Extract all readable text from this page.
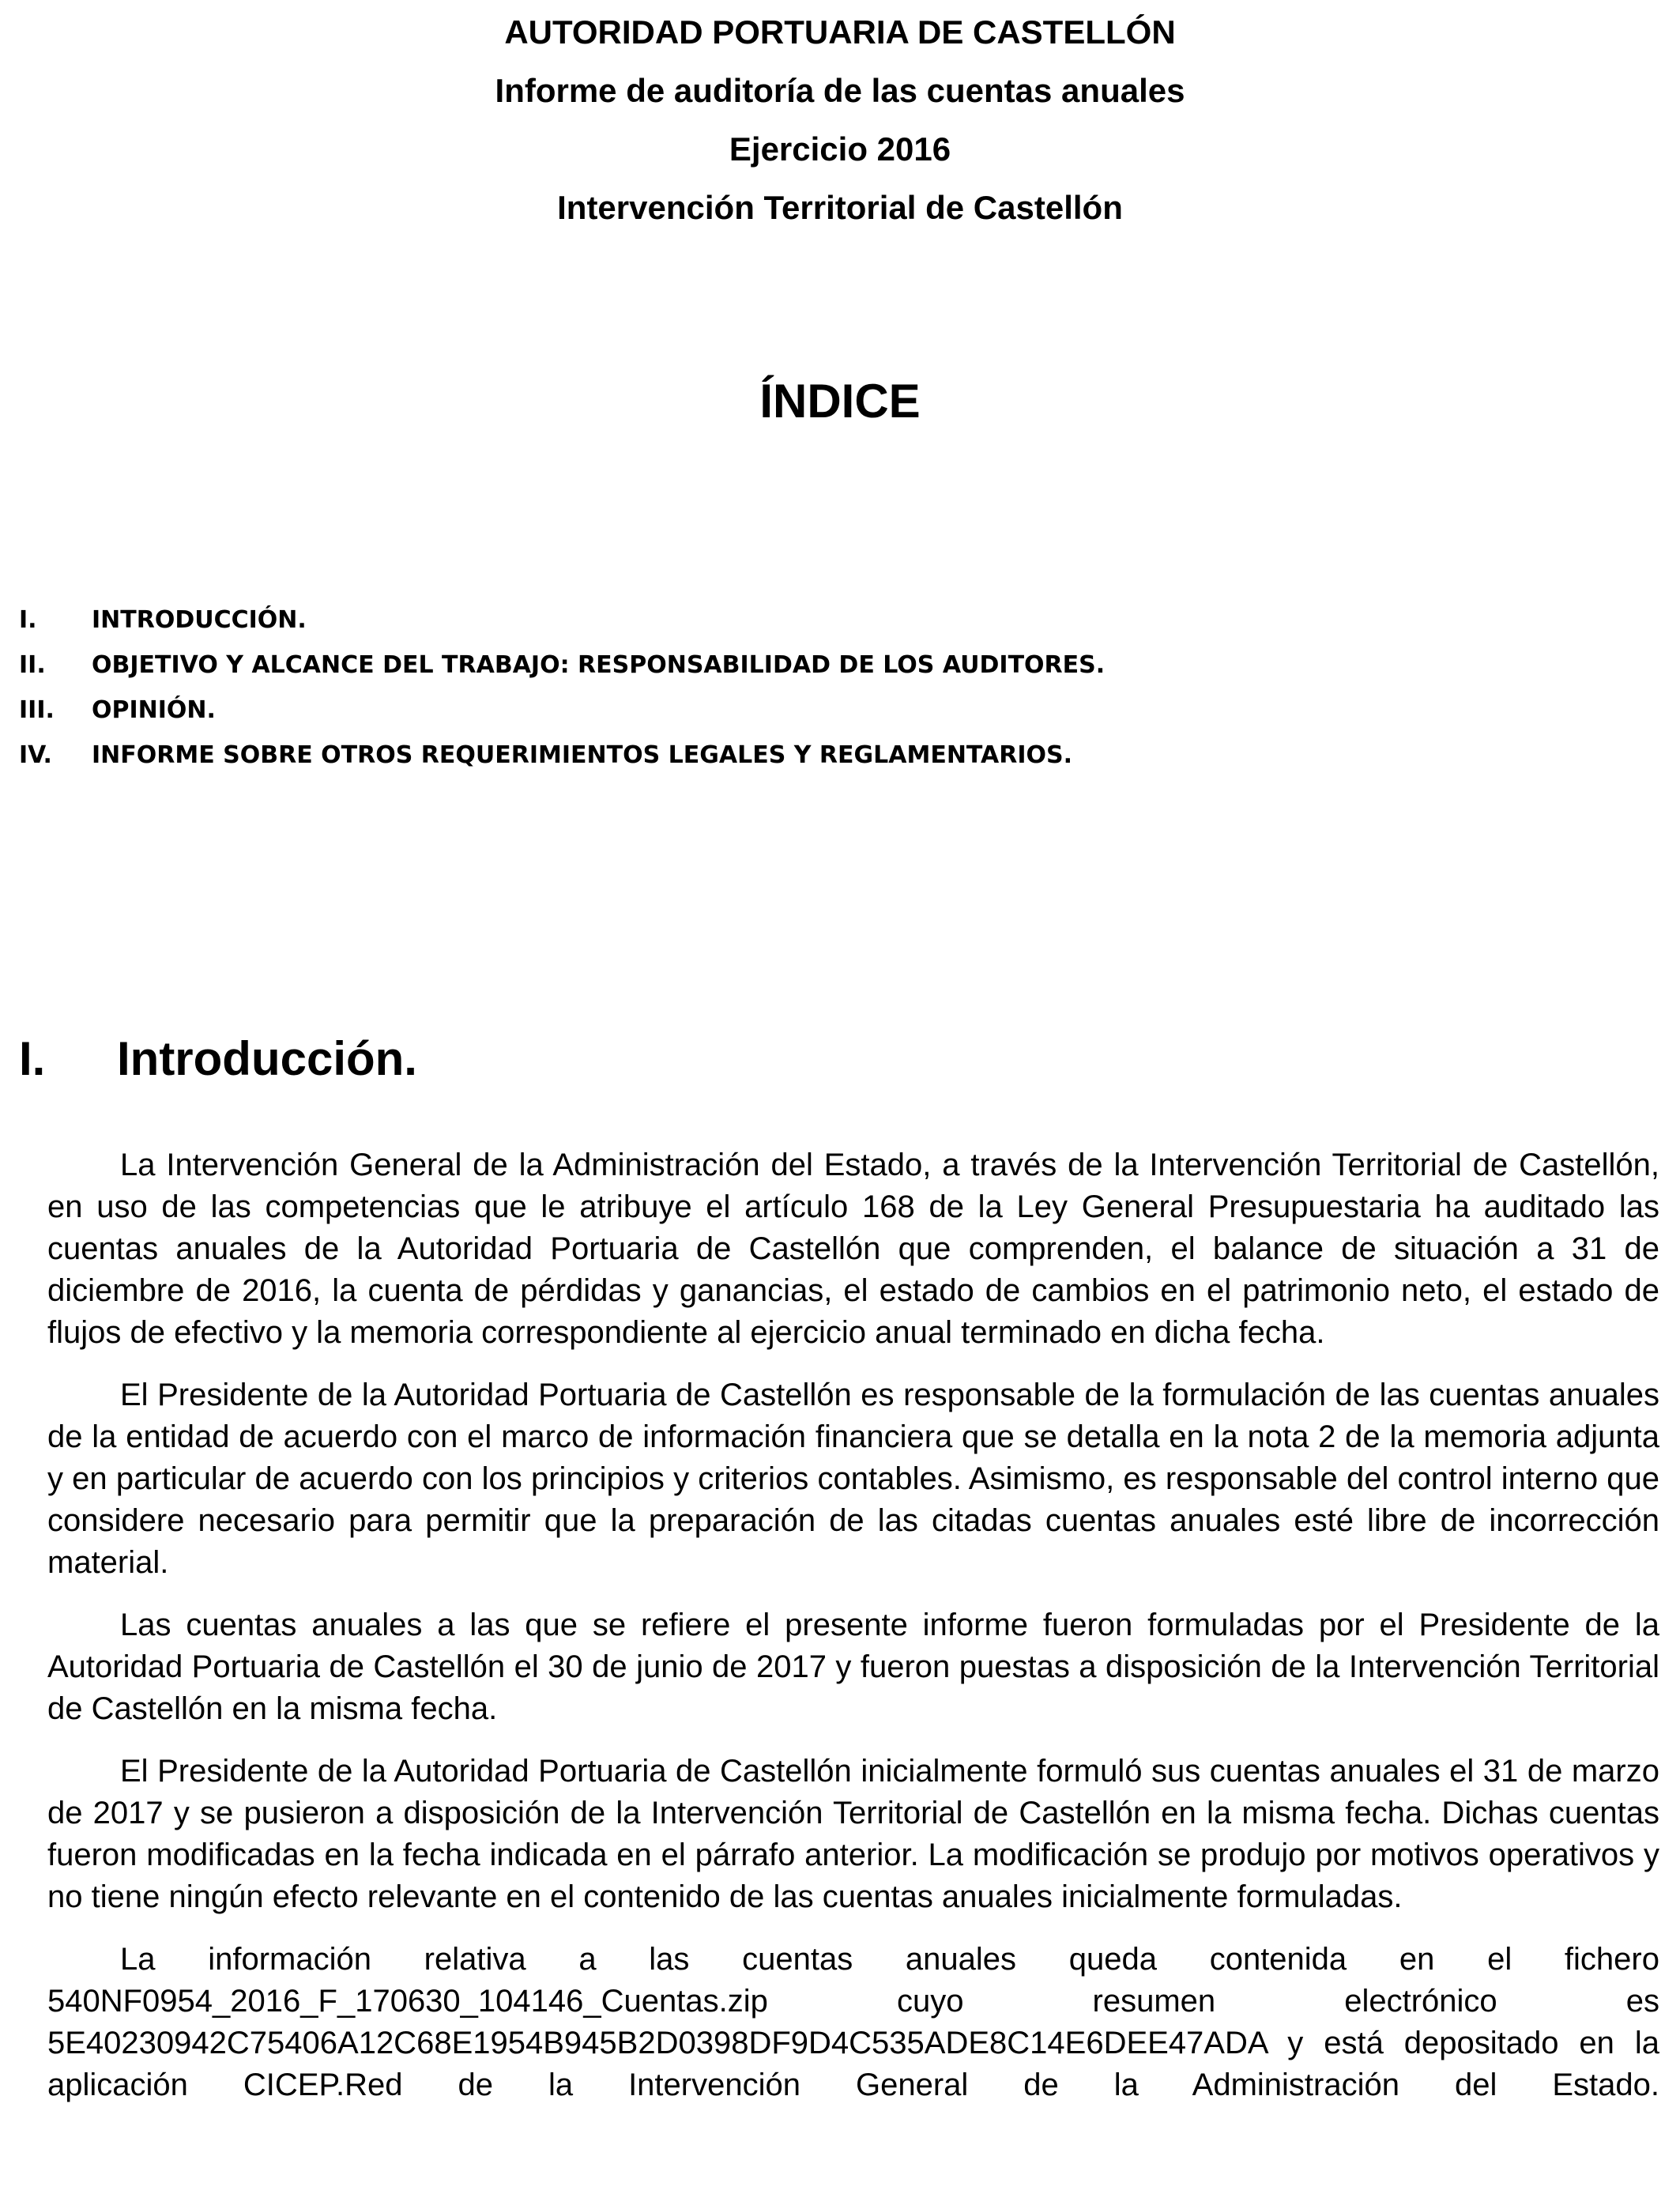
AUTORIDAD PORTUARIA DE CASTELLÓN
Informe de auditoría de las cuentas anuales
Ejercicio 2016
Intervención Territorial de Castellón
ÍNDICE
I.	INTRODUCCIÓN.
II.	OBJETIVO Y ALCANCE DEL TRABAJO: RESPONSABILIDAD DE LOS AUDITORES.
III.	OPINIÓN.
IV.	INFORME SOBRE OTROS REQUERIMIENTOS LEGALES Y REGLAMENTARIOS.
I.	Introducción.

La Intervención General de la Administración del Estado, a través de la Intervención Territorial de Castellón, en uso de las competencias que le atribuye el artículo 168 de la Ley General Presupuestaria ha auditado las cuentas anuales de la Autoridad Portuaria de Castellón que comprenden, el balance de situación a 31 de diciembre de 2016, la cuenta de pérdidas y ganancias, el estado de cambios en el patrimonio neto, el estado de flujos de efectivo y la memoria correspondiente al ejercicio anual terminado en dicha fecha.

El Presidente de la Autoridad Portuaria de Castellón es responsable de la formulación de las cuentas anuales de la entidad de acuerdo con el marco de información financiera que se detalla en la nota 2 de la memoria adjunta y en particular de acuerdo con los principios y criterios contables. Asimismo, es responsable del control interno que considere necesario para permitir que la preparación de las citadas cuentas anuales esté libre de incorrección material.

Las cuentas anuales a las que se refiere el presente informe fueron formuladas por el Presidente de la Autoridad Portuaria de Castellón el 30 de junio de 2017 y fueron puestas a disposición de la Intervención Territorial de Castellón en la misma fecha.

El Presidente de la Autoridad Portuaria de Castellón inicialmente formuló sus cuentas anuales el 31 de marzo de 2017 y se pusieron a disposición de la Intervención Territorial de Castellón en la misma fecha. Dichas cuentas fueron modificadas en la fecha indicada en el párrafo anterior. La modificación se produjo por motivos operativos y no tiene ningún efecto relevante en el contenido de las cuentas anuales inicialmente formuladas.

La información relativa a las cuentas anuales queda contenida en el fichero 540NF0954_2016_F_170630_104146_Cuentas.zip cuyo resumen electrónico es 5E40230942C75406A12C68E1954B945B2D0398DF9D4C535ADE8C14E6DEE47ADA y está depositado en la aplicación CICEP.Red de la Intervención General de la Administración del Estado.
